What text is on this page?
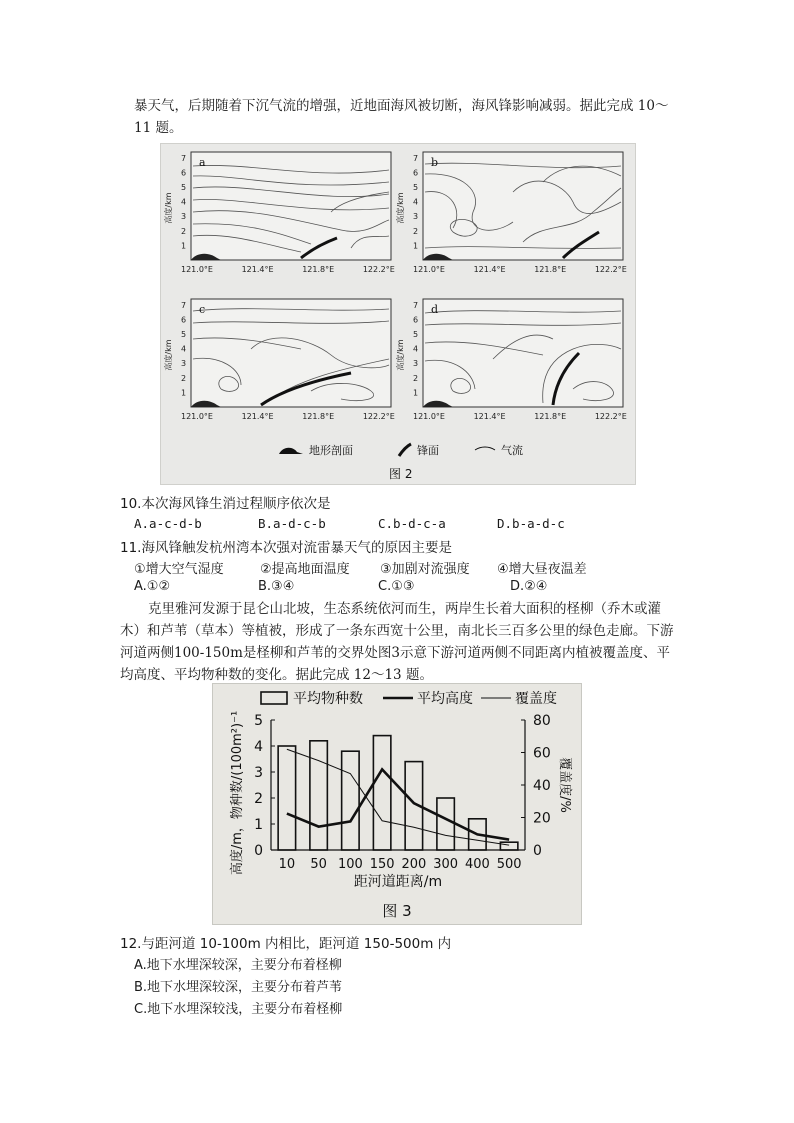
暴天气，后期随着下沉气流的增强，近地面海风被切断，海风锋影响减弱。据此完成 10～11 题。
a
1
2
3
4
5
6
7
高度/km
121.0°E	121.4°E	121.8°E	122.2°E
b
1
2
3
4
5
6
7
高度/km
121.0°E	121.4°E	121.8°E	122.2°E
c
1
2
3
4
5
6
7
高度/km
121.0°E	121.4°E	121.8°E	122.2°E
d
1
2
3
4
5
6
7
高度/km
121.0°E	121.4°E	121.8°E	122.2°E
地形剖面	锋面	气流
图 2
10.本次海风锋生消过程顺序依次是
A.a-c-d-b	B.a-d-c-b	C.b-d-c-a	D.b-a-d-c
11.海风锋触发杭州湾本次强对流雷暴天气的原因主要是
①增大空气湿度	②提高地面温度 ③加剧对流强度 ④增大昼夜温差
A.①②	B.③④	C.①③	D.②④
克里雅河发源于昆仑山北坡，生态系统依河而生，两岸生长着大面积的柽柳（乔木或灌木）和芦苇（草本）等植被，形成了一条东西宽十公里，南北长三百多公里的绿色走廊。下游河道两侧100-150m是柽柳和芦苇的交界处图3示意下游河道两侧不同距离内植被覆盖度、平均高度、平均物种数的变化。据此完成 12～13 题。
0
1
2
3
4
5
0
20
40
60
80
10 50 100 150 200 300 400 500
距河道距离/m
高度/m，物种数/(100m²)⁻¹	覆盖度/%
平均物种数	平均高度	覆盖度
图 3
12.与距河道 10-100m 内相比，距河道 150-500m 内
A.地下水埋深较深，主要分布着柽柳
B.地下水埋深较深，主要分布着芦苇
C.地下水埋深较浅，主要分布着柽柳
